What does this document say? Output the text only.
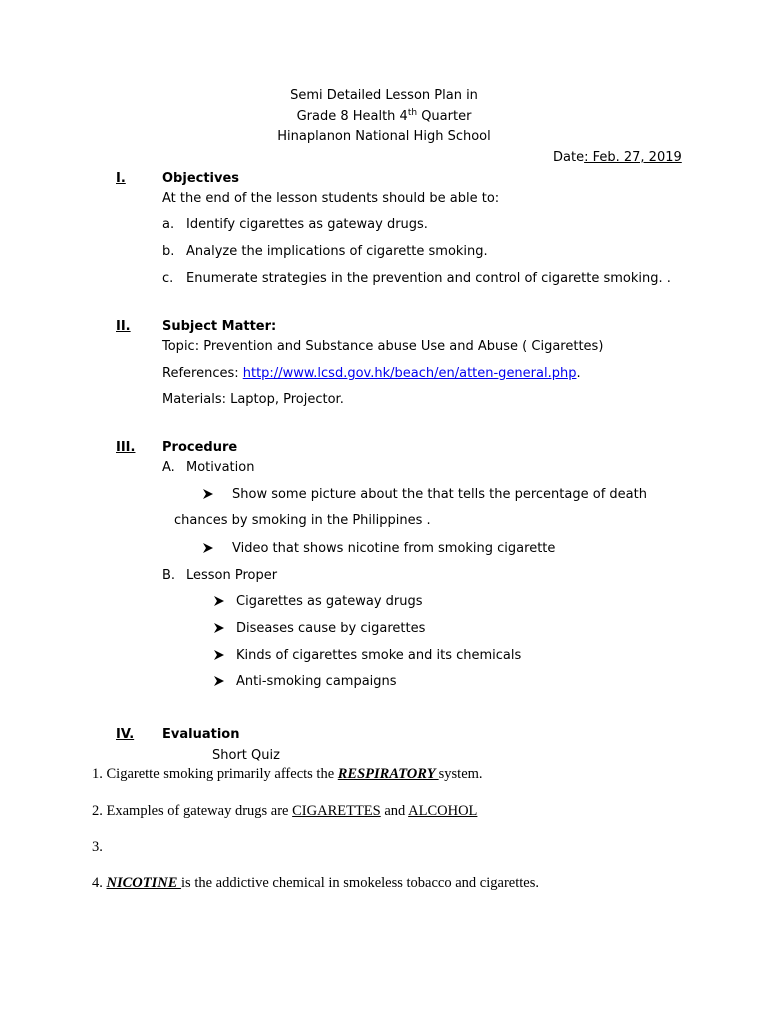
Semi Detailed Lesson Plan in
Grade 8 Health 4th Quarter
Hinaplanon National High School
Date: Feb. 27, 2019
I.	Objectives
At the end of the lesson students should be able to:
a. Identify cigarettes as gateway drugs.
b. Analyze the implications of cigarette smoking.
c. Enumerate strategies in the prevention and control of cigarette smoking. .
II. Subject Matter:
Topic: Prevention and Substance abuse Use and Abuse ( Cigarettes)
References: http://www.lcsd.gov.hk/beach/en/atten-general.php.
Materials: Laptop, Projector.
III. Procedure
A. Motivation
Show some picture about the that tells the percentage of death
chances by smoking in the Philippines .
Video that shows nicotine from smoking cigarette
B. Lesson Proper
Cigarettes as gateway drugs
Diseases cause by cigarettes
Kinds of cigarettes smoke and its chemicals
Anti-smoking campaigns
IV. Evaluation
Short Quiz
1. Cigarette smoking primarily affects the RESPIRATORY system.
2. Examples of gateway drugs are CIGARETTES and ALCOHOL
3.
4. NICOTINE is the addictive chemical in smokeless tobacco and cigarettes.
